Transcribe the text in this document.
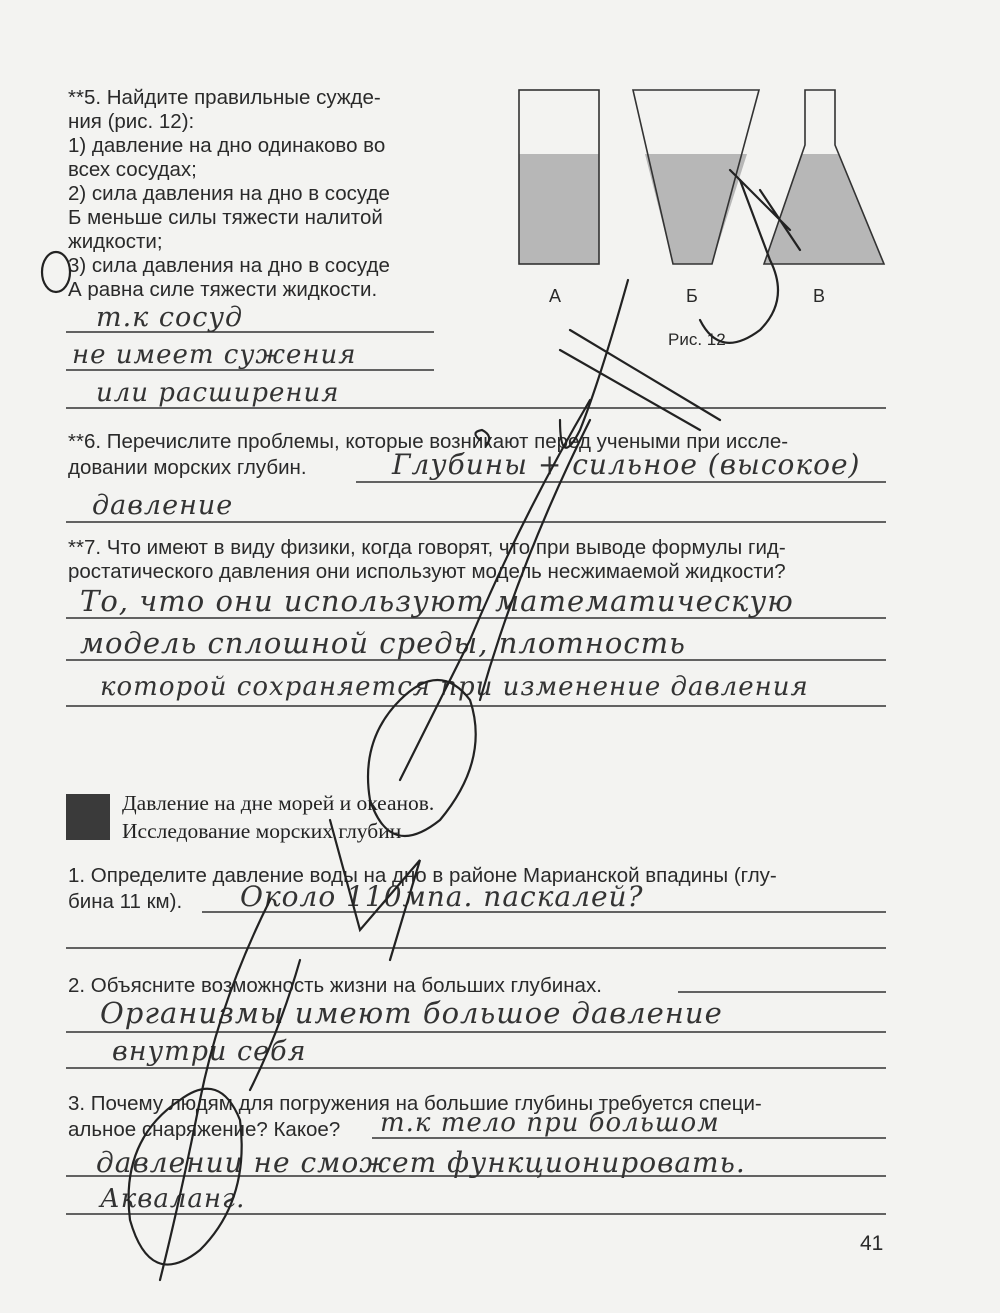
**5. Найдите правильные сужде-
ния (рис. 12):
1) давление на дно одинаково во
всех сосудах;
2) сила давления на дно в сосуде
Б меньше силы тяжести налитой
жидкости;
3) сила давления на дно в сосуде
А равна силе тяжести жидкости.	А	Б	В
Рис. 12
т.к сосуд
не имеет сужения
или расширения
**6. Перечислите проблемы, которые возникают перед учеными при иссле-
довании морских глубин.	Глубины + сильное (высокое)
давление
**7. Что имеют в виду физики, когда говорят, что при выводе формулы гид-
ростатического давления они используют модель несжимаемой жидкости?
То, что они используют математическую
модель сплошной среды, плотность
которой сохраняется при изменение давления
Давление на дне морей и океанов.
Исследование морских глубин
1. Определите давление воды на дно в районе Марианской впадины (глу-
бина 11 км). Около 110мпа. паскалей?
2. Объясните возможность жизни на больших глубинах.
Организмы имеют большое давление
внутри себя
3. Почему людям для погружения на большие глубины требуется специ-
альное снаряжение? Какое? т.к тело при большом
давлении не сможет функционировать.
Акваланг.
41
